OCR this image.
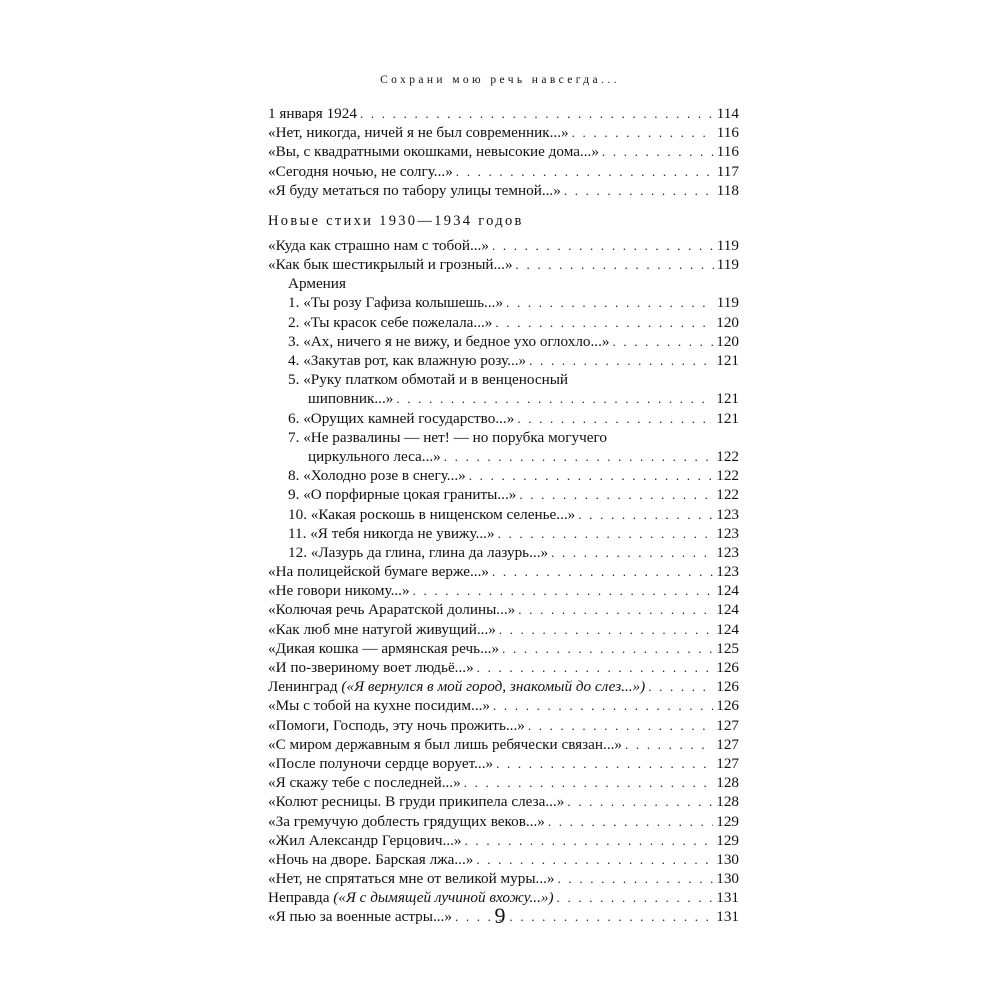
Сохрани мою речь навсегда...
1 января 1924 . . .	114
«Нет, никогда, ничей я не был современник...» . . .	116
«Вы, с квадратными окошками, невысокие дома...» . . .	116
«Сегодня ночью, не солгу...» . . .	117
«Я буду метаться по табору улицы темной...» . . .	118
Новые стихи 1930—1934 годов
«Куда как страшно нам с тобой...» . . .	119
«Как бык шестикрылый и грозный...» . . .	119
Армения
1. «Ты розу Гафиза колышешь...» . . .	119
2. «Ты красок себе пожелала...» . . .	120
3. «Ах, ничего я не вижу, и бедное ухо оглохло...» . . .	120
4. «Закутав рот, как влажную розу...» . . .	121
5. «Руку платком обмотай и в венценосный
шиповник...» . . .	121
6. «Орущих камней государство...» . . .	121
7. «Не развалины — нет! — но порубка могучего
циркульного леса...» . . .	122
8. «Холодно розе в снегу...» . . .	122
9. «О порфирные цокая граниты...» . . .	122
10. «Какая роскошь в нищенском селенье...» . . .	123
11. «Я тебя никогда не увижу...» . . .	123
12. «Лазурь да глина, глина да лазурь...» . . .	123
«На полицейской бумаге верже...» . . .	123
«Не говори никому...» . . .	124
«Колючая речь Араратской долины...» . . .	124
«Как люб мне натугой живущий...» . . .	124
«Дикая кошка — армянская речь...» . . .	125
«И по-звериному воет людьё...» . . .	126
Ленинград («Я вернулся в мой город, знакомый до слез...») . . .	126
«Мы с тобой на кухне посидим...» . . .	126
«Помоги, Господь, эту ночь прожить...» . . .	127
«С миром державным я был лишь ребячески связан...» . . .	127
«После полуночи сердце ворует...» . . .	127
«Я скажу тебе с последней...» . . .	128
«Колют ресницы. В груди прикипела слеза...» . . .	128
«За гремучую доблесть грядущих веков...» . . .	129
«Жил Александр Герцович...» . . .	129
«Ночь на дворе. Барская лжа...» . . .	130
«Нет, не спрятаться мне от великой муры...» . . .	130
Неправда («Я с дымящей лучиной вхожу...») . . .	131
«Я пью за военные астры...» . . .	131
9
